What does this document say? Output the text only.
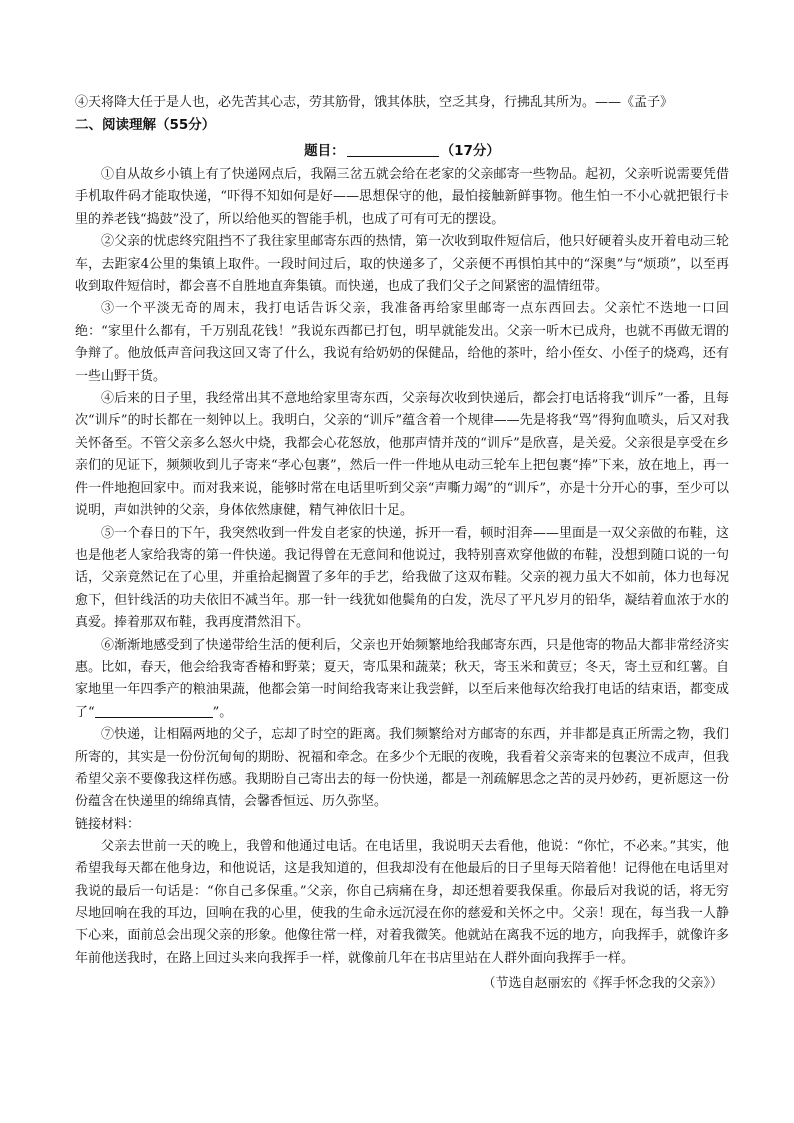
④天将降大任于是人也，必先苦其心志，劳其筋骨，饿其体肤，空乏其身，行拂乱其所为。——《孟子》

二、阅读理解（55分）

题目：	（17分）

①自从故乡小镇上有了快递网点后，我隔三岔五就会给在老家的父亲邮寄一些物品。起初，父亲听说需要凭借手机取件码才能取快递，“吓得不知如何是好——思想保守的他，最怕接触新鲜事物。他生怕一不小心就把银行卡里的养老钱“捣鼓”没了，所以给他买的智能手机，也成了可有可无的摆设。

②父亲的忧虑终究阻挡不了我往家里邮寄东西的热情，第一次收到取件短信后，他只好硬着头皮开着电动三轮车，去距家4公里的集镇上取件。一段时间过后，取的快递多了，父亲便不再惧怕其中的“深奥”与“烦琐”，以至再收到取件短信时，都会喜不自胜地直奔集镇。而快递，也成了我们父子之间紧密的温情纽带。

③一个平淡无奇的周末，我打电话告诉父亲，我准备再给家里邮寄一点东西回去。父亲忙不迭地一口回绝：“家里什么都有，千万别乱花钱！”我说东西都已打包，明早就能发出。父亲一听木已成舟，也就不再做无谓的争辩了。他放低声音问我这回又寄了什么，我说有给奶奶的保健品，给他的茶叶，给小侄女、小侄子的烧鸡，还有一些山野干货。

④后来的日子里，我经常出其不意地给家里寄东西，父亲每次收到快递后，都会打电话将我“训斥”一番，且每次“训斥”的时长都在一刻钟以上。我明白，父亲的“训斥”蕴含着一个规律——先是将我“骂”得狗血喷头，后又对我关怀备至。不管父亲多么怒火中烧，我都会心花怒放，他那声情并茂的“训斥”是欣喜，是关爱。父亲很是享受在乡亲们的见证下，频频收到儿子寄来“孝心包裹”，然后一件一件地从电动三轮车上把包裹“捧”下来，放在地上，再一件一件地抱回家中。而对我来说，能够时常在电话里听到父亲“声嘶力竭”的“训斥”，亦是十分开心的事，至少可以说明，声如洪钟的父亲，身体依然康健，精气神依旧十足。

⑤一个春日的下午，我突然收到一件发自老家的快递，拆开一看，顿时泪奔——里面是一双父亲做的布鞋，这也是他老人家给我寄的第一件快递。我记得曾在无意间和他说过，我特别喜欢穿他做的布鞋，没想到随口说的一句话，父亲竟然记在了心里，并重拾起搁置了多年的手艺，给我做了这双布鞋。父亲的视力虽大不如前，体力也每况愈下，但针线活的功夫依旧不减当年。那一针一线犹如他鬓角的白发，洗尽了平凡岁月的铅华，凝结着血浓于水的真爱。捧着那双布鞋，我再度潸然泪下。

⑥渐渐地感受到了快递带给生活的便利后，父亲也开始频繁地给我邮寄东西，只是他寄的物品大都非常经济实惠。比如，春天，他会给我寄香椿和野菜；夏天，寄瓜果和蔬菜；秋天，寄玉米和黄豆；冬天，寄土豆和红薯。自家地里一年四季产的粮油果蔬，他都会第一时间给我寄来让我尝鲜，以至后来他每次给我打电话的结束语，都变成了“	”。

⑦快递，让相隔两地的父子，忘却了时空的距离。我们频繁给对方邮寄的东西，并非都是真正所需之物，我们所寄的，其实是一份份沉甸甸的期盼、祝福和牵念。在多少个无眠的夜晚，我看着父亲寄来的包裹泣不成声，但我希望父亲不要像我这样伤感。我期盼自己寄出去的每一份快递，都是一剂疏解思念之苦的灵丹妙药，更祈愿这一份份蕴含在快递里的绵绵真情，会馨香恒远、历久弥坚。

链接材料：

父亲去世前一天的晚上，我曾和他通过电话。在电话里，我说明天去看他，他说：“你忙，不必来。”其实，他希望我每天都在他身边，和他说话，这是我知道的，但我却没有在他最后的日子里每天陪着他！记得他在电话里对我说的最后一句话是：“你自己多保重。”父亲，你自己病痛在身，却还想着要我保重。你最后对我说的话，将无穷尽地回响在我的耳边，回响在我的心里，使我的生命永远沉浸在你的慈爱和关怀之中。父亲！现在，每当我一人静下心来，面前总会出现父亲的形象。他像往常一样，对着我微笑。他就站在离我不远的地方，向我挥手，就像许多年前他送我时，在路上回过头来向我挥手一样，就像前几年在书店里站在人群外面向我挥手一样。

（节选自赵丽宏的《挥手怀念我的父亲》）
